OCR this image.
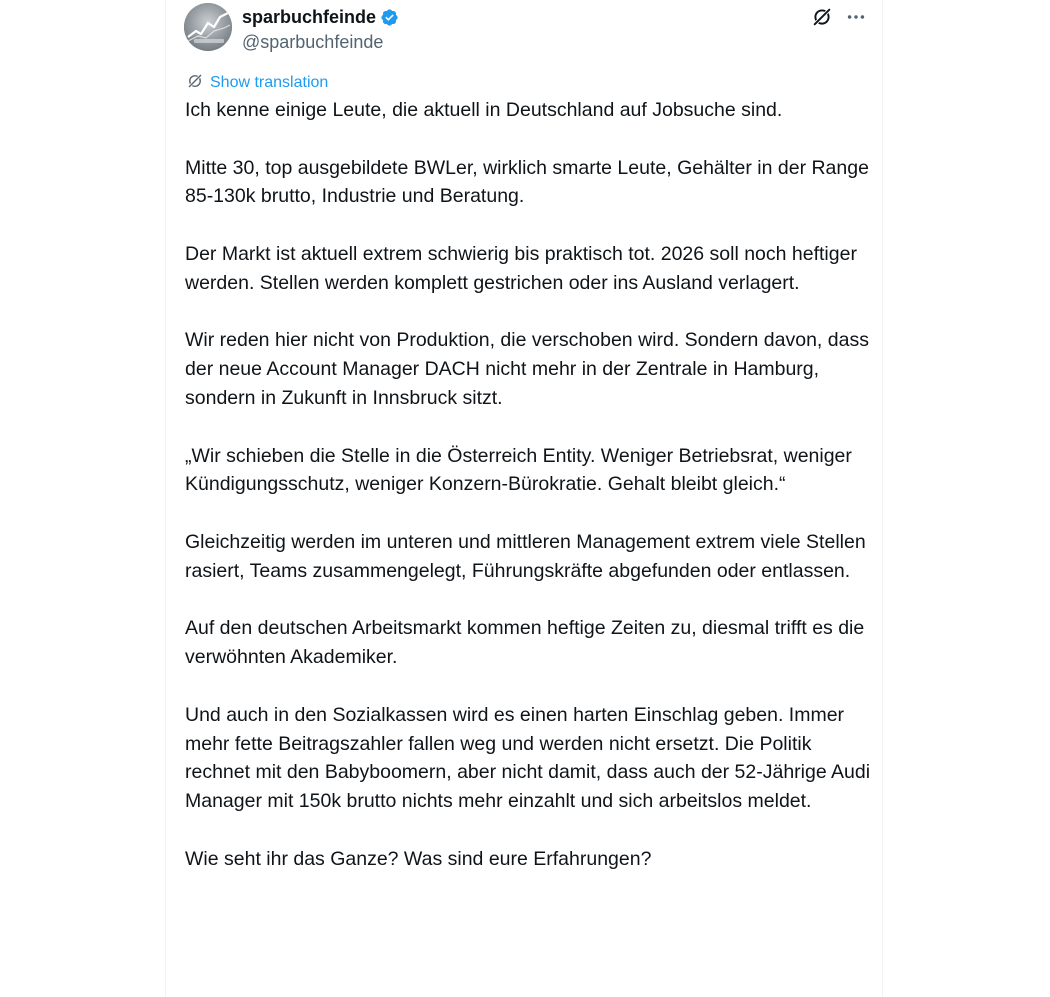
sparbuchfeinde
@sparbuchfeinde
Show translation

Ich kenne einige Leute, die aktuell in Deutschland auf Jobsuche sind.

Mitte 30, top ausgebildete BWLer, wirklich smarte Leute, Gehälter in der Range 85-130k brutto, Industrie und Beratung.

Der Markt ist aktuell extrem schwierig bis praktisch tot. 2026 soll noch heftiger werden. Stellen werden komplett gestrichen oder ins Ausland verlagert.

Wir reden hier nicht von Produktion, die verschoben wird. Sondern davon, dass der neue Account Manager DACH nicht mehr in der Zentrale in Hamburg, sondern in Zukunft in Innsbruck sitzt.

„Wir schieben die Stelle in die Österreich Entity. Weniger Betriebsrat, weniger Kündigungsschutz, weniger Konzern-Bürokratie. Gehalt bleibt gleich.“

Gleichzeitig werden im unteren und mittleren Management extrem viele Stellen rasiert, Teams zusammengelegt, Führungskräfte abgefunden oder entlassen.

Auf den deutschen Arbeitsmarkt kommen heftige Zeiten zu, diesmal trifft es die verwöhnten Akademiker.

Und auch in den Sozialkassen wird es einen harten Einschlag geben. Immer mehr fette Beitragszahler fallen weg und werden nicht ersetzt. Die Politik rechnet mit den Babyboomern, aber nicht damit, dass auch der 52-Jährige Audi Manager mit 150k brutto nichts mehr einzahlt und sich arbeitslos meldet.

Wie seht ihr das Ganze? Was sind eure Erfahrungen?
